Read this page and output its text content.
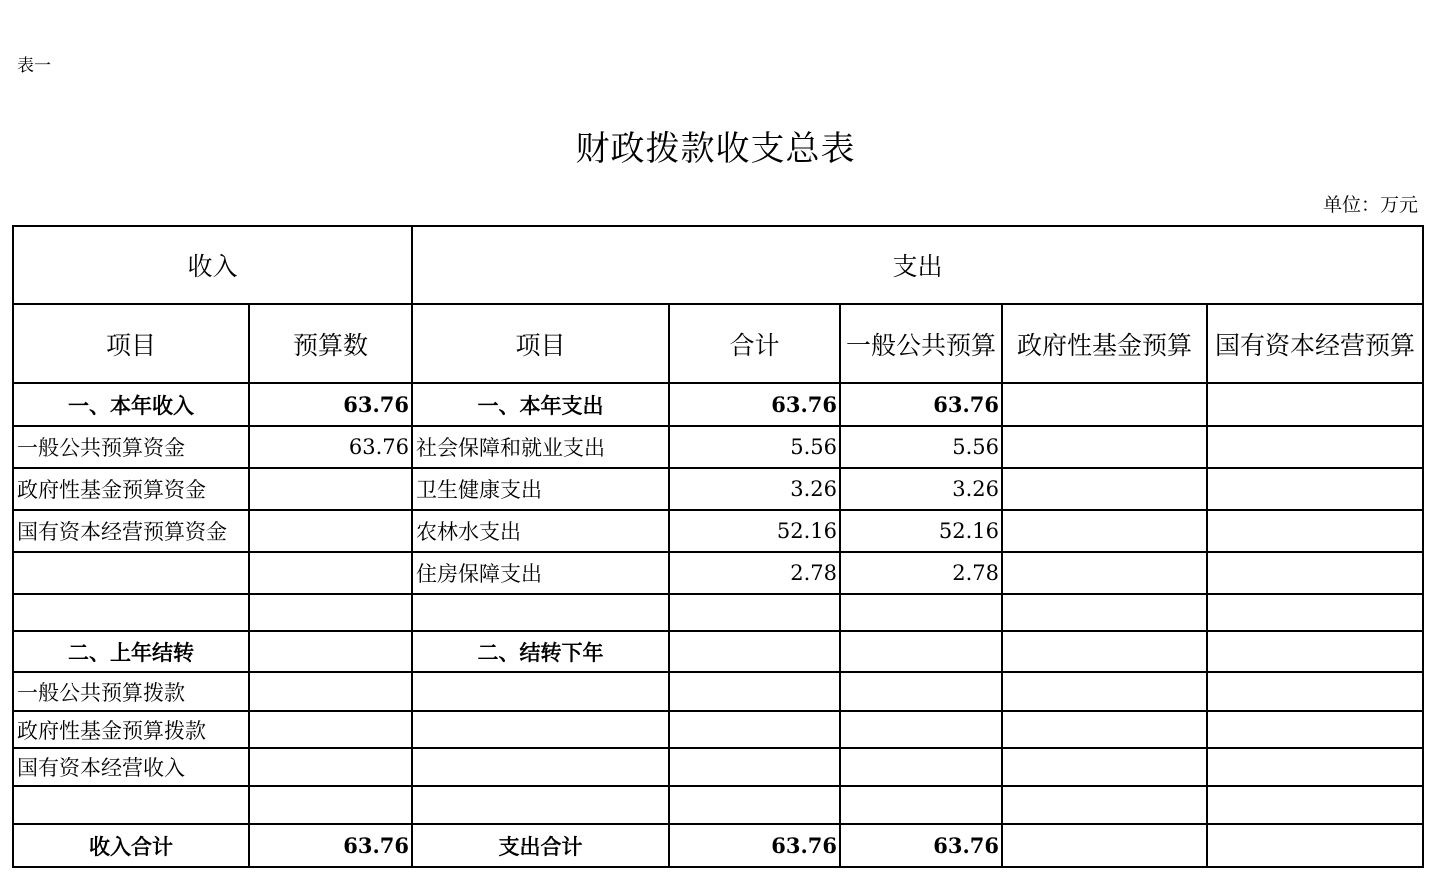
表一
财政拨款收支总表
单位：万元
收入		支出				
项目	预算数	项目	合计	一般公共预算	政府性基金预算	国有资本经营预算
一、本年收入	63.76	一、本年支出	63.76	63.76		
一般公共预算资金	63.76	社会保障和就业支出	5.56	5.56		
政府性基金预算资金		卫生健康支出	3.26	3.26		
国有资本经营预算资金		农林水支出	52.16	52.16		
		住房保障支出	2.78	2.78		

二、上年结转		二、结转下年				
一般公共预算拨款						
政府性基金预算拨款						
国有资本经营收入						

收入合计	63.76	支出合计	63.76	63.76		
